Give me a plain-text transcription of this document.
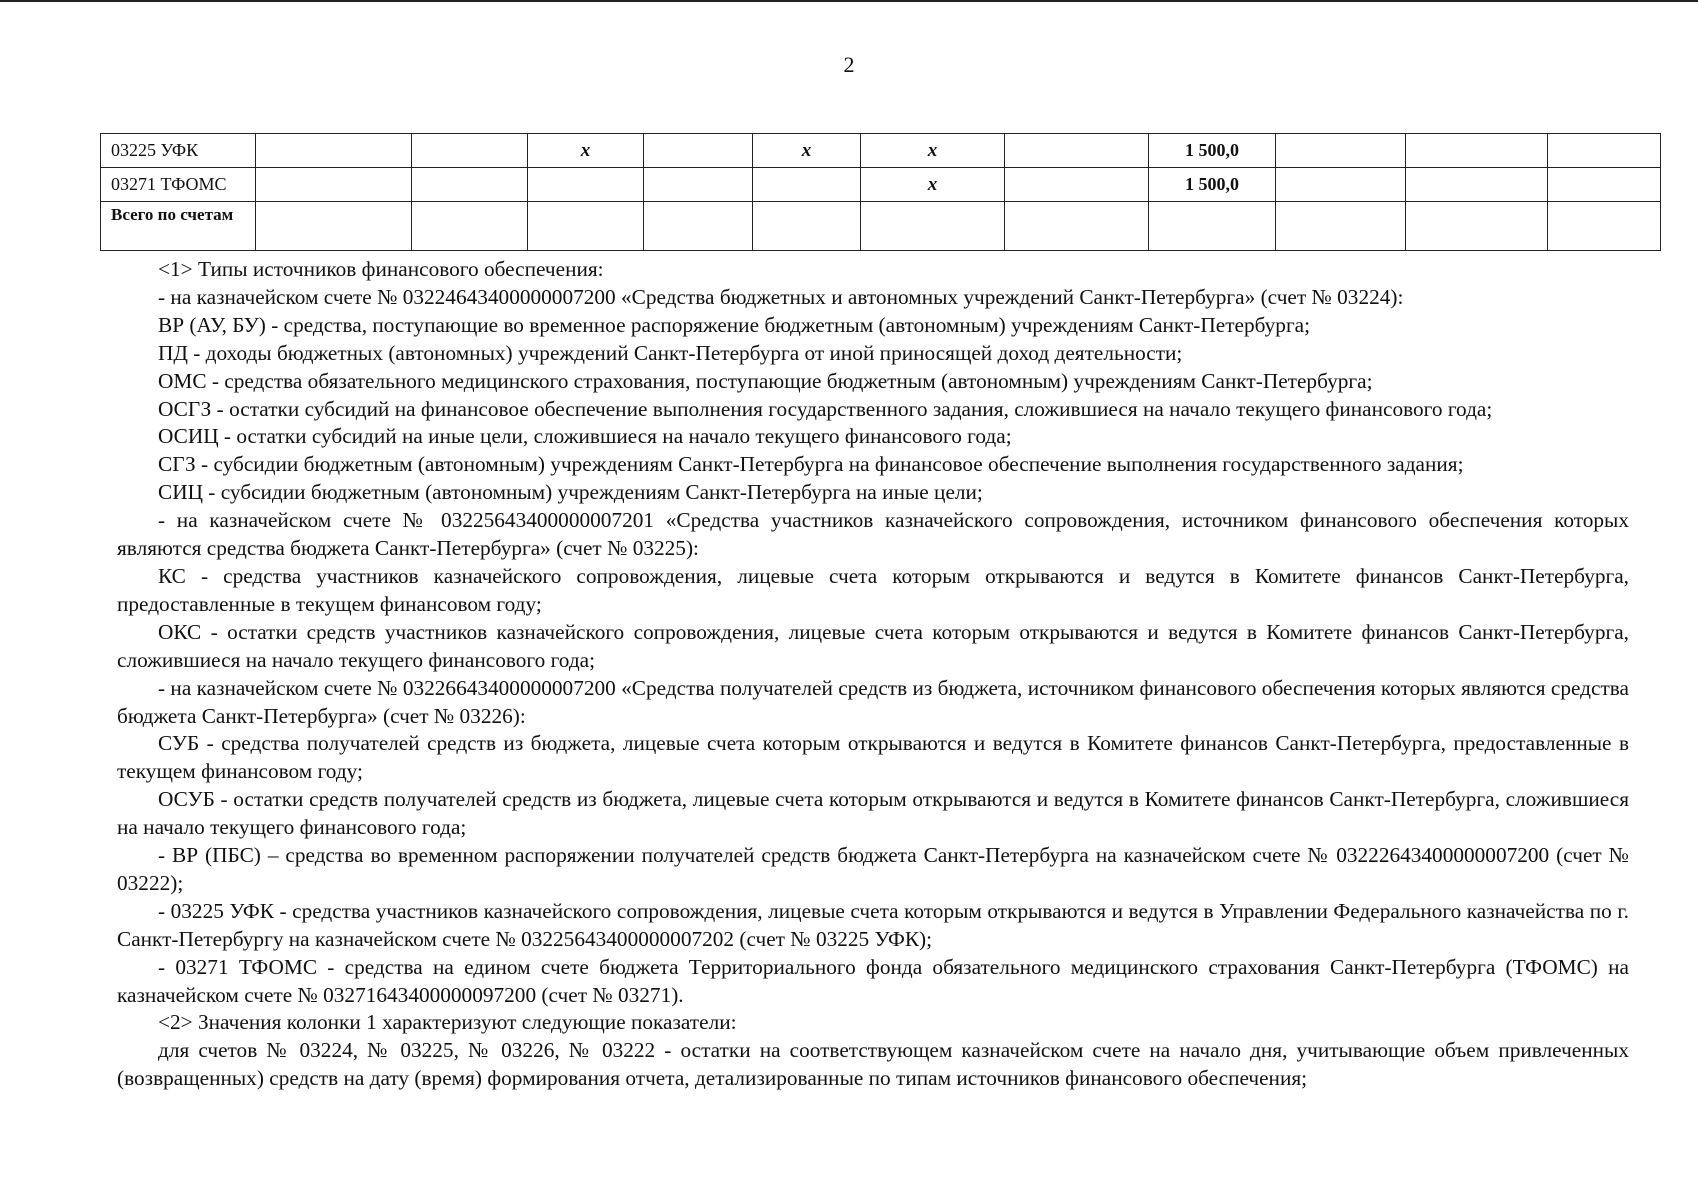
2
03225 УФК			x		x	x		1 500,0			
03271 ТФОМС						x		1 500,0			
Всего по счетам											

<1> Типы источников финансового обеспечения:

- на казначейском счете № 03224643400000007200 «Средства бюджетных и автономных учреждений Санкт-Петербурга» (счет № 03224):

ВР (АУ, БУ) - средства, поступающие во временное распоряжение бюджетным (автономным) учреждениям Санкт-Петербурга;

ПД - доходы бюджетных (автономных) учреждений Санкт-Петербурга от иной приносящей доход деятельности;

ОМС - средства обязательного медицинского страхования, поступающие бюджетным (автономным) учреждениям Санкт-Петербурга;

ОСГЗ - остатки субсидий на финансовое обеспечение выполнения государственного задания, сложившиеся на начало текущего финансового года;

ОСИЦ - остатки субсидий на иные цели, сложившиеся на начало текущего финансового года;

СГЗ - субсидии бюджетным (автономным) учреждениям Санкт-Петербурга на финансовое обеспечение выполнения государственного задания;

СИЦ - субсидии бюджетным (автономным) учреждениям Санкт-Петербурга на иные цели;

- на казначейском счете № 03225643400000007201 «Средства участников казначейского сопровождения, источником финансового обеспечения которых являются средства бюджета Санкт-Петербурга» (счет № 03225):

КС - средства участников казначейского сопровождения, лицевые счета которым открываются и ведутся в Комитете финансов Санкт-Петербурга, предоставленные в текущем финансовом году;

ОКС - остатки средств участников казначейского сопровождения, лицевые счета которым открываются и ведутся в Комитете финансов Санкт-Петербурга, сложившиеся на начало текущего финансового года;

- на казначейском счете № 03226643400000007200 «Средства получателей средств из бюджета, источником финансового обеспечения которых являются средства бюджета Санкт-Петербурга» (счет № 03226):

СУБ - средства получателей средств из бюджета, лицевые счета которым открываются и ведутся в Комитете финансов Санкт-Петербурга, предоставленные в текущем финансовом году;

ОСУБ - остатки средств получателей средств из бюджета, лицевые счета которым открываются и ведутся в Комитете финансов Санкт-Петербурга, сложившиеся на начало текущего финансового года;

- ВР (ПБС) – средства во временном распоряжении получателей средств бюджета Санкт-Петербурга на казначейском счете № 03222643400000007200 (счет № 03222);

- 03225 УФК - средства участников казначейского сопровождения, лицевые счета которым открываются и ведутся в Управлении Федерального казначейства по г. Санкт-Петербургу на казначейском счете № 03225643400000007202 (счет № 03225 УФК);

- 03271 ТФОМС - средства на едином счете бюджета Территориального фонда обязательного медицинского страхования Санкт-Петербурга (ТФОМС) на казначейском счете № 03271643400000097200 (счет № 03271).

<2> Значения колонки 1 характеризуют следующие показатели:

для счетов № 03224, № 03225, № 03226, № 03222 - остатки на соответствующем казначейском счете на начало дня, учитывающие объем привлеченных (возвращенных) средств на дату (время) формирования отчета, детализированные по типам источников финансового обеспечения;
